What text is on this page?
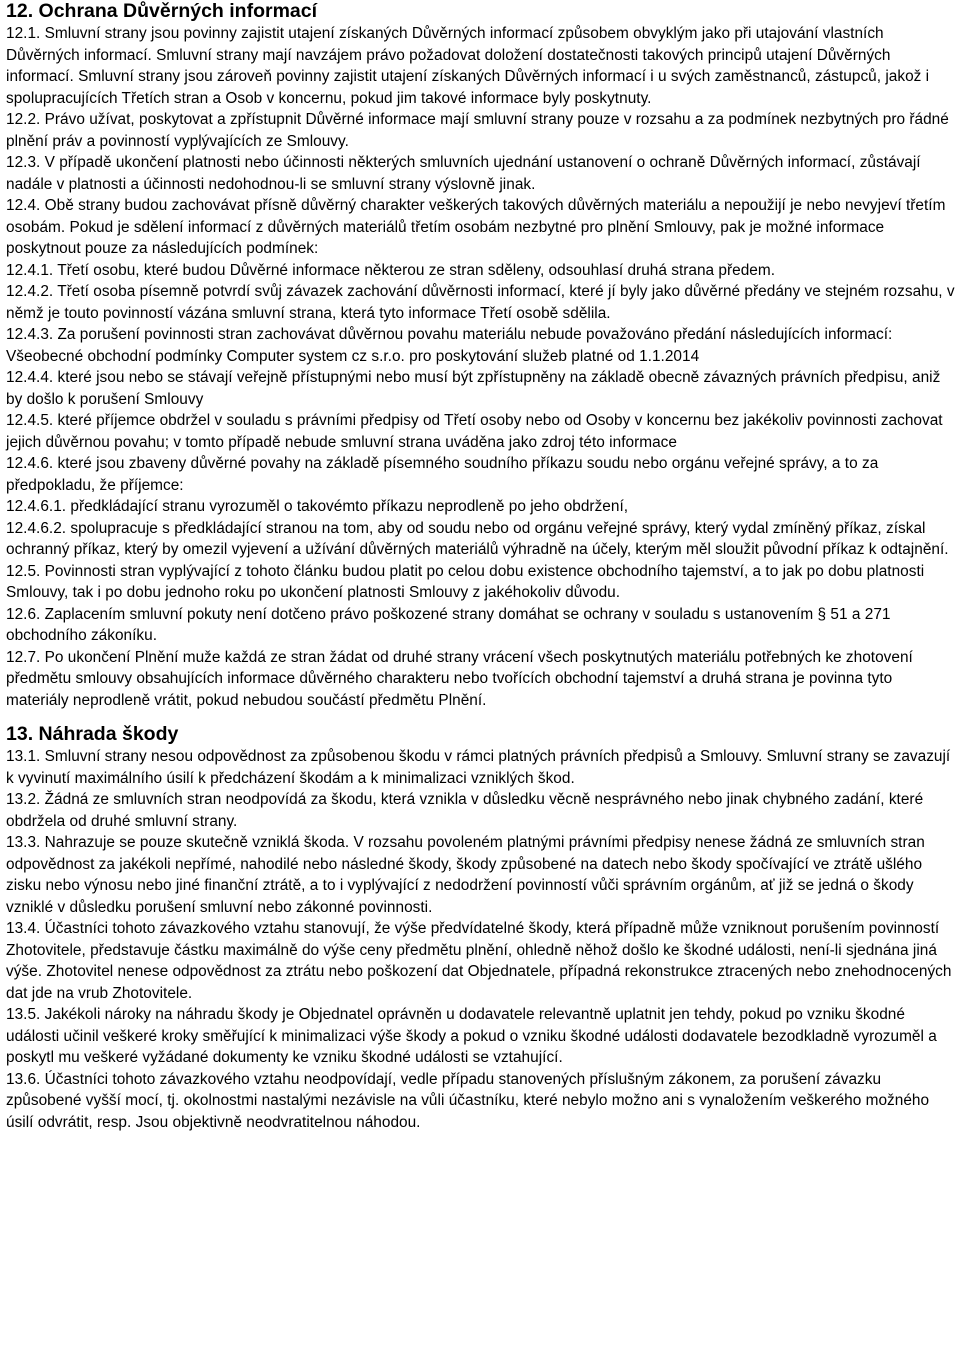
12. Ochrana Důvěrných informací

12.1. Smluvní strany jsou povinny zajistit utajení získaných Důvěrných informací způsobem obvyklým jako při utajování vlastních Důvěrných informací. Smluvní strany mají navzájem právo požadovat doložení dostatečnosti takových principů utajení Důvěrných informací. Smluvní strany jsou zároveň povinny zajistit utajení získaných Důvěrných informací i u svých zaměstnanců, zástupců, jakož i spolupracujících Třetích stran a Osob v koncernu, pokud jim takové informace byly poskytnuty.

12.2. Právo užívat, poskytovat a zpřístupnit Důvěrné informace mají smluvní strany pouze v rozsahu a za podmínek nezbytných pro řádné plnění práv a povinností vyplývajících ze Smlouvy.

12.3. V případě ukončení platnosti nebo účinnosti některých smluvních ujednání ustanovení o ochraně Důvěrných informací, zůstávají nadále v platnosti a účinnosti nedohodnou-li se smluvní strany výslovně jinak.

12.4. Obě strany budou zachovávat přísně důvěrný charakter veškerých takových důvěrných materiálu a nepoužijí je nebo nevyjeví třetím osobám. Pokud je sdělení informací z důvěrných materiálů třetím osobám nezbytné pro plnění Smlouvy, pak je možné informace poskytnout pouze za následujících podmínek:

12.4.1. Třetí osobu, které budou Důvěrné informace některou ze stran sděleny, odsouhlasí druhá strana předem.

12.4.2. Třetí osoba písemně potvrdí svůj závazek zachování důvěrnosti informací, které jí byly jako důvěrné předány ve stejném rozsahu, v němž je touto povinností vázána smluvní strana, která tyto informace Třetí osobě sdělila.

12.4.3. Za porušení povinnosti stran zachovávat důvěrnou povahu materiálu nebude považováno předání následujících informací:

Všeobecné obchodní podmínky Computer system cz s.r.o. pro poskytování služeb platné od 1.1.2014

12.4.4. které jsou nebo se stávají veřejně přístupnými nebo musí být zpřístupněny na základě obecně závazných právních předpisu, aniž by došlo k porušení Smlouvy

12.4.5. které příjemce obdržel v souladu s právními předpisy od Třetí osoby nebo od Osoby v koncernu bez jakékoliv povinnosti zachovat jejich důvěrnou povahu; v tomto případě nebude smluvní strana uváděna jako zdroj této informace

12.4.6. které jsou zbaveny důvěrné povahy na základě písemného soudního příkazu soudu nebo orgánu veřejné správy, a to za předpokladu, že příjemce:

12.4.6.1. předkládající stranu vyrozuměl o takovémto příkazu neprodleně po jeho obdržení,

12.4.6.2. spolupracuje s předkládající stranou na tom, aby od soudu nebo od orgánu veřejné správy, který vydal zmíněný příkaz, získal ochranný příkaz, který by omezil vyjevení a užívání důvěrných materiálů výhradně na účely, kterým měl sloužit původní příkaz k odtajnění.

12.5. Povinnosti stran vyplývající z tohoto článku budou platit po celou dobu existence obchodního tajemství, a to jak po dobu platnosti Smlouvy, tak i po dobu jednoho roku po ukončení platnosti Smlouvy z jakéhokoliv důvodu.

12.6. Zaplacením smluvní pokuty není dotčeno právo poškozené strany domáhat se ochrany v souladu s ustanovením § 51 a 271 obchodního zákoníku.

12.7. Po ukončení Plnění muže každá ze stran žádat od druhé strany vrácení všech poskytnutých materiálu potřebných ke zhotovení předmětu smlouvy obsahujících informace důvěrného charakteru nebo tvořících obchodní tajemství a druhá strana je povinna tyto materiály neprodleně vrátit, pokud nebudou součástí předmětu Plnění.

13. Náhrada škody

13.1. Smluvní strany nesou odpovědnost za způsobenou škodu v rámci platných právních předpisů a Smlouvy. Smluvní strany se zavazují k vyvinutí maximálního úsilí k předcházení škodám a k minimalizaci vzniklých škod.

13.2. Žádná ze smluvních stran neodpovídá za škodu, která vznikla v důsledku věcně nesprávného nebo jinak chybného zadání, které obdržela od druhé smluvní strany.

13.3. Nahrazuje se pouze skutečně vzniklá škoda. V rozsahu povoleném platnými právními předpisy nenese žádná ze smluvních stran odpovědnost za jakékoli nepřímé, nahodilé nebo následné škody, škody způsobené na datech nebo škody spočívající ve ztrátě ušlého zisku nebo výnosu nebo jiné finanční ztrátě, a to i vyplývající z nedodržení povinností vůči správním orgánům, ať již se jedná o škody vzniklé v důsledku porušení smluvní nebo zákonné povinnosti.

13.4. Účastníci tohoto závazkového vztahu stanovují, že výše předvídatelné škody, která případně může vzniknout porušením povinností Zhotovitele, představuje částku maximálně do výše ceny předmětu plnění, ohledně něhož došlo ke škodné události, není-li sjednána jiná výše. Zhotovitel nenese odpovědnost za ztrátu nebo poškození dat Objednatele, případná rekonstrukce ztracených nebo znehodnocených dat jde na vrub Zhotovitele.

13.5. Jakékoli nároky na náhradu škody je Objednatel oprávněn u dodavatele relevantně uplatnit jen tehdy, pokud po vzniku škodné události učinil veškeré kroky směřující k minimalizaci výše škody a pokud o vzniku škodné události dodavatele bezodkladně vyrozuměl a poskytl mu veškeré vyžádané dokumenty ke vzniku škodné události se vztahující.

13.6. Účastníci tohoto závazkového vztahu neodpovídají, vedle případu stanovených příslušným zákonem, za porušení závazku způsobené vyšší mocí, tj. okolnostmi nastalými nezávisle na vůli účastníku, které nebylo možno ani s vynaložením veškerého možného úsilí odvrátit, resp. Jsou objektivně neodvratitelnou náhodou.
